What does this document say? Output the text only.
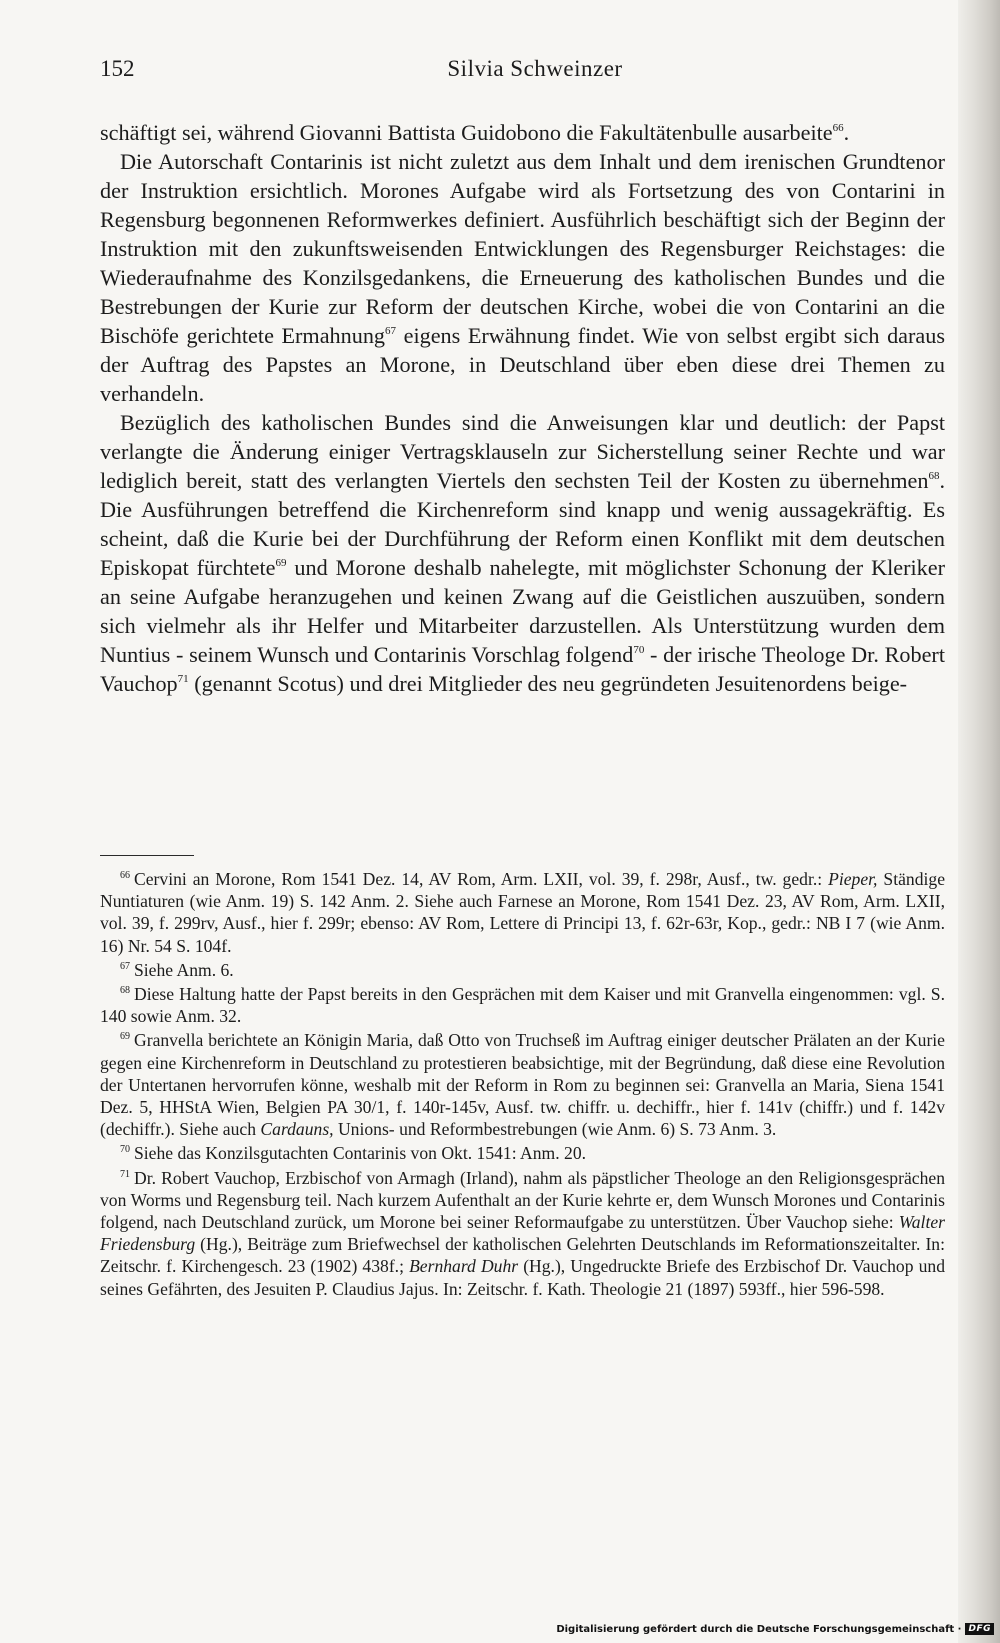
152	Silvia Schweinzer

schäftigt sei, während Giovanni Battista Guidobono die Fakultätenbulle ausarbeite$^{66}$.

Die Autorschaft Contarinis ist nicht zuletzt aus dem Inhalt und dem irenischen Grundtenor der Instruktion ersichtlich. Morones Aufgabe wird als Fortsetzung des von Contarini in Regensburg begonnenen Reformwerkes definiert. Ausführlich beschäftigt sich der Beginn der Instruktion mit den zukunftsweisenden Entwicklungen des Regensburger Reichstages: die Wiederaufnahme des Konzilsgedankens, die Erneuerung des katholischen Bundes und die Bestrebungen der Kurie zur Reform der deutschen Kirche, wobei die von Contarini an die Bischöfe gerichtete Ermahnung$^{67}$ eigens Erwähnung findet. Wie von selbst ergibt sich daraus der Auftrag des Papstes an Morone, in Deutschland über eben diese drei Themen zu verhandeln.

Bezüglich des katholischen Bundes sind die Anweisungen klar und deutlich: der Papst verlangte die Änderung einiger Vertragsklauseln zur Sicherstellung seiner Rechte und war lediglich bereit, statt des verlangten Viertels den sechsten Teil der Kosten zu übernehmen$^{68}$. Die Ausführungen betreffend die Kirchenreform sind knapp und wenig aussagekräftig. Es scheint, daß die Kurie bei der Durchführung der Reform einen Konflikt mit dem deutschen Episkopat fürchtete$^{69}$ und Morone deshalb nahelegte, mit möglichster Schonung der Kleriker an seine Aufgabe heranzugehen und keinen Zwang auf die Geistlichen auszuüben, sondern sich vielmehr als ihr Helfer und Mitarbeiter darzustellen. Als Unterstützung wurden dem Nuntius - seinem Wunsch und Contarinis Vorschlag folgend$^{70}$ - der irische Theologe Dr. Robert Vauchop$^{71}$ (genannt Scotus) und drei Mitglieder des neu gegründeten Jesuitenordens beige-

$^{66}$ Cervini an Morone, Rom 1541 Dez. 14, AV Rom, Arm. LXII, vol. 39, f. 298r, Ausf., tw. gedr.: Pieper, Ständige Nuntiaturen (wie Anm. 19) S. 142 Anm. 2. Siehe auch Farnese an Morone, Rom 1541 Dez. 23, AV Rom, Arm. LXII, vol. 39, f. 299rv, Ausf., hier f. 299r; ebenso: AV Rom, Lettere di Principi 13, f. 62r-63r, Kop., gedr.: NB I 7 (wie Anm. 16) Nr. 54 S. 104f.

$^{67}$ Siehe Anm. 6.

$^{68}$ Diese Haltung hatte der Papst bereits in den Gesprächen mit dem Kaiser und mit Granvella eingenommen: vgl. S. 140 sowie Anm. 32.

$^{69}$ Granvella berichtete an Königin Maria, daß Otto von Truchseß im Auftrag einiger deutscher Prälaten an der Kurie gegen eine Kirchenreform in Deutschland zu protestieren beabsichtige, mit der Begründung, daß diese eine Revolution der Untertanen hervorrufen könne, weshalb mit der Reform in Rom zu beginnen sei: Granvella an Maria, Siena 1541 Dez. 5, HHStA Wien, Belgien PA 30/1, f. 140r-145v, Ausf. tw. chiffr. u. dechiffr., hier f. 141v (chiffr.) und f. 142v (dechiffr.). Siehe auch Cardauns, Unions- und Reformbestrebungen (wie Anm. 6) S. 73 Anm. 3.

$^{70}$ Siehe das Konzilsgutachten Contarinis von Okt. 1541: Anm. 20.

$^{71}$ Dr. Robert Vauchop, Erzbischof von Armagh (Irland), nahm als päpstlicher Theologe an den Religionsgesprächen von Worms und Regensburg teil. Nach kurzem Aufenthalt an der Kurie kehrte er, dem Wunsch Morones und Contarinis folgend, nach Deutschland zurück, um Morone bei seiner Reformaufgabe zu unterstützen. Über Vauchop siehe: Walter Friedensburg (Hg.), Beiträge zum Briefwechsel der katholischen Gelehrten Deutschlands im Reformationszeitalter. In: Zeitschr. f. Kirchengesch. 23 (1902) 438f.; Bernhard Duhr (Hg.), Ungedruckte Briefe des Erzbischof Dr. Vauchop und seines Gefährten, des Jesuiten P. Claudius Jajus. In: Zeitschr. f. Kath. Theologie 21 (1897) 593ff., hier 596-598.

Digitalisierung gefördert durch die Deutsche Forschungsgemeinschaft · DFG
